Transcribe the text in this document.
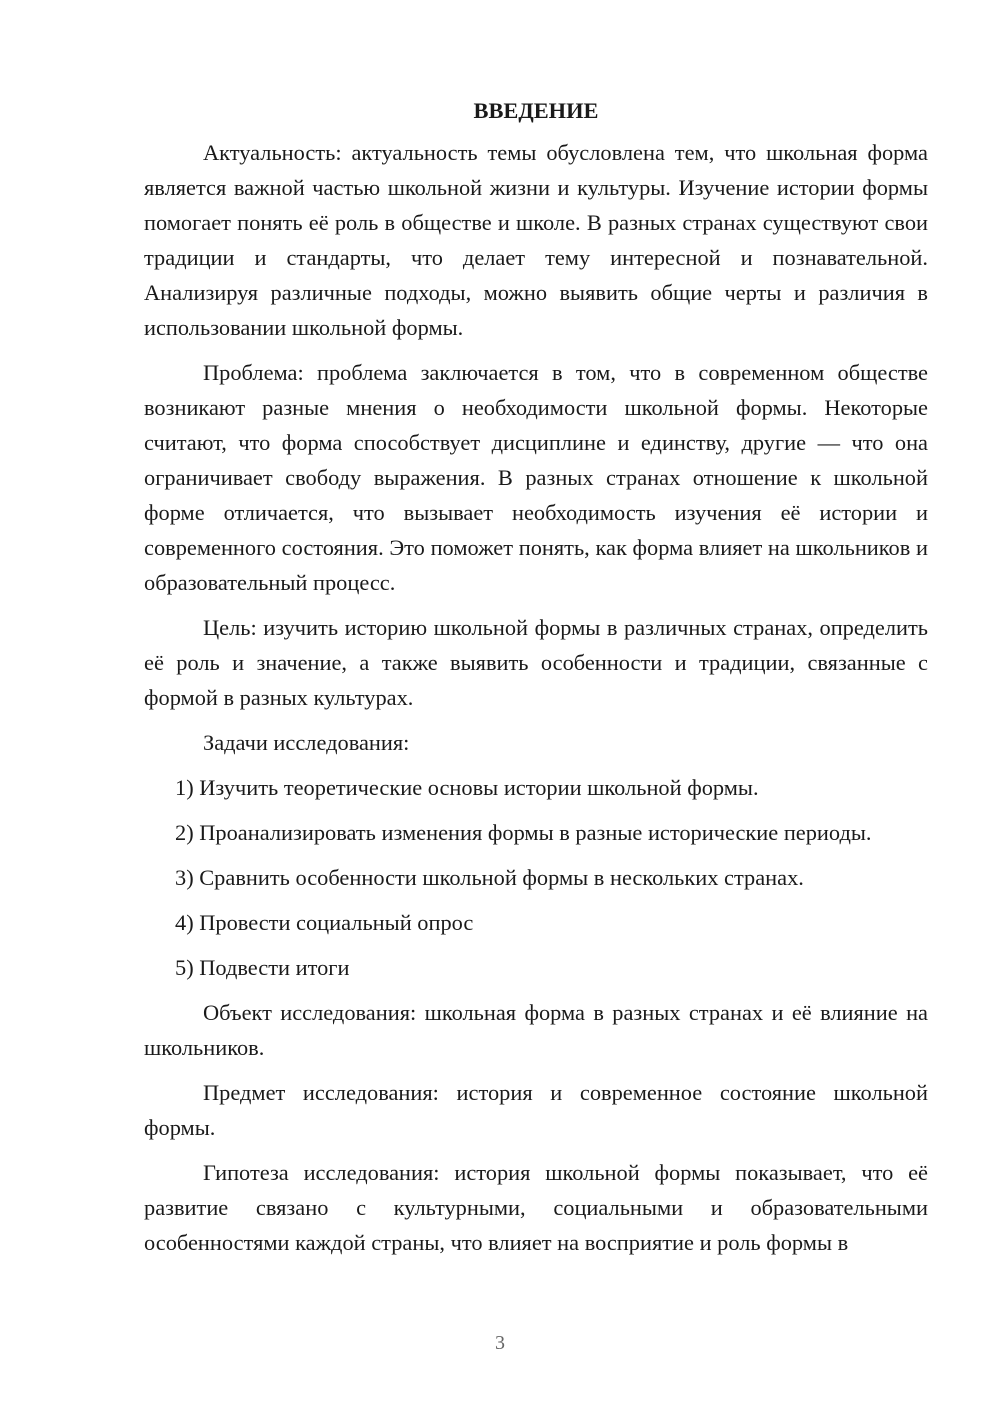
ВВЕДЕНИЕ

Актуальность: актуальность темы обусловлена тем, что школьная форма является важной частью школьной жизни и культуры. Изучение истории формы помогает понять её роль в обществе и школе. В разных странах существуют свои традиции и стандарты, что делает тему интересной и познавательной. Анализируя различные подходы, можно выявить общие черты и различия в использовании школьной формы.

Проблема: проблема заключается в том, что в современном обществе возникают разные мнения о необходимости школьной формы. Некоторые считают, что форма способствует дисциплине и единству, другие — что она ограничивает свободу выражения. В разных странах отношение к школьной форме отличается, что вызывает необходимость изучения её истории и современного состояния. Это поможет понять, как форма влияет на школьников и образовательный процесс.

Цель: изучить историю школьной формы в различных странах, определить её роль и значение, а также выявить особенности и традиции, связанные с формой в разных культурах.

Задачи исследования:

1) Изучить теоретические основы истории школьной формы.

2) Проанализировать изменения формы в разные исторические периоды.

3) Сравнить особенности школьной формы в нескольких странах.

4) Провести социальный опрос

5) Подвести итоги

Объект исследования: школьная форма в разных странах и её влияние на школьников.

Предмет исследования: история и современное состояние школьной формы.

Гипотеза исследования: история школьной формы показывает, что её развитие связано с культурными, социальными и образовательными особенностями каждой страны, что влияет на восприятие и роль формы в

3
